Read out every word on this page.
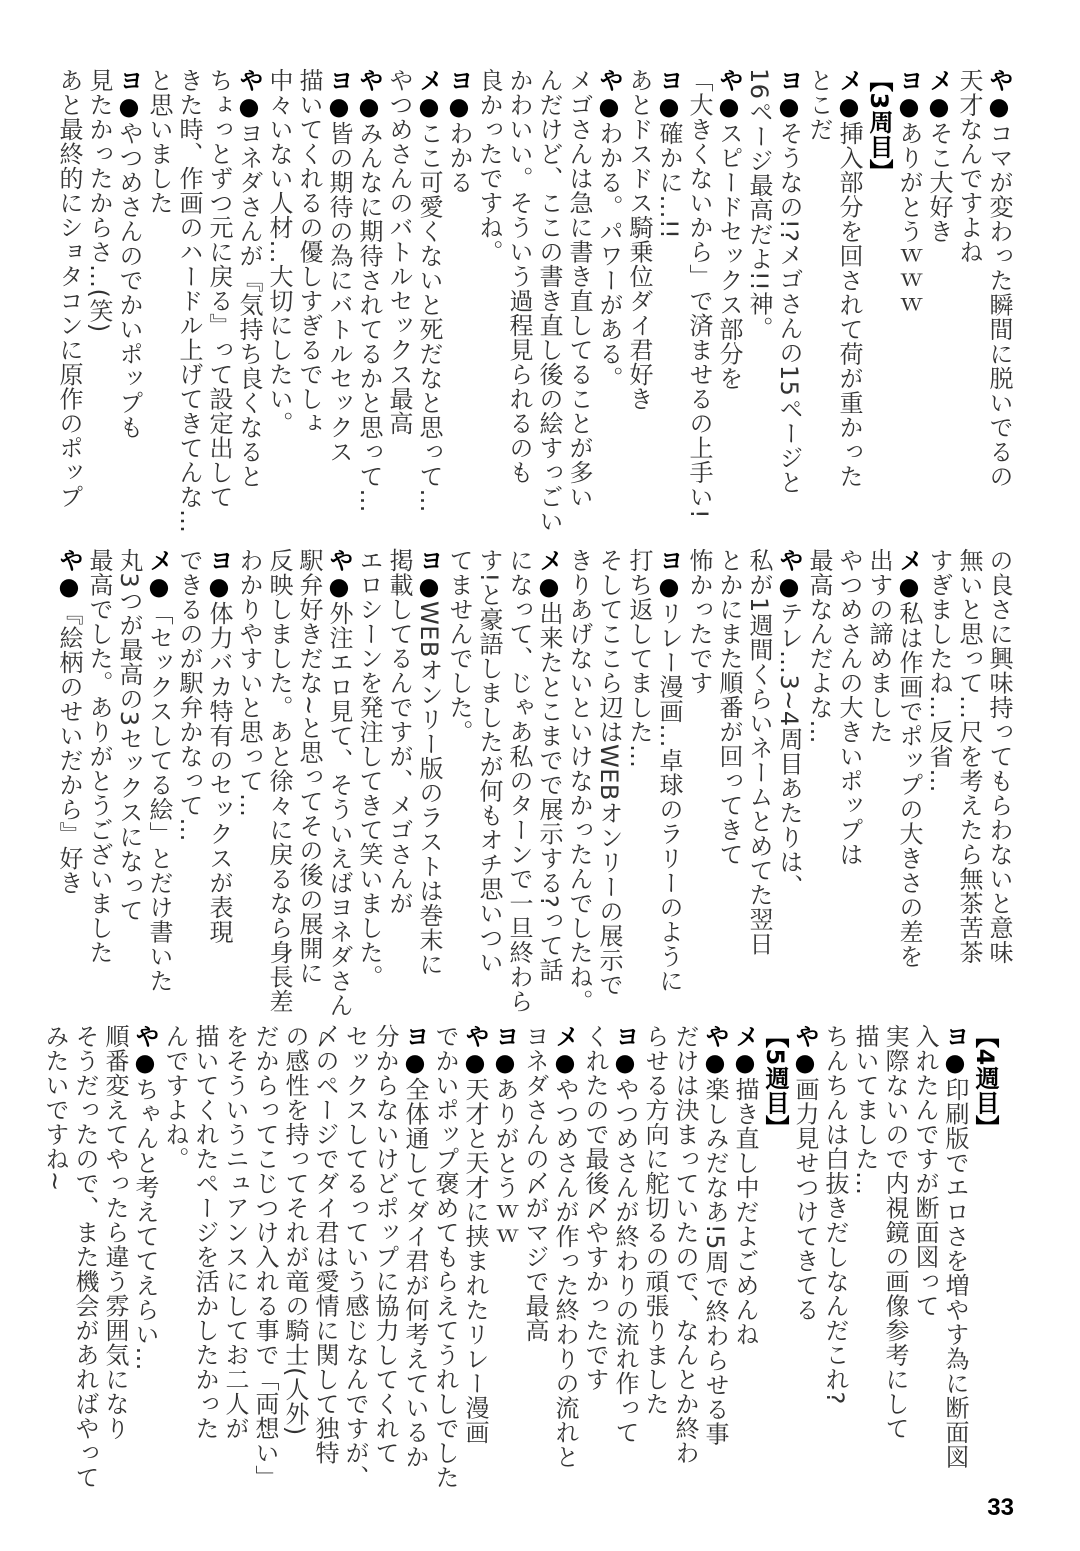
や●コマが変わった瞬間に脱いでるの
天才なんですよね
メ●そこ大好き
ヨ●ありがとうｗｗｗ
【3周目】
メ●挿入部分を回されて荷が重かった
とこだ
ヨ●そうなの!?メゴさんの15ページと
16ページ最高だよ!!神。
や●スピードセックス部分を
「大きくないから」で済ませるの上手い!
ヨ●確かに…!!
あとドスドス騎乗位ダイ君好き
や●わかる。パワーがある。
メゴさんは急に書き直してることが多い
んだけど、ここの書き直し後の絵すっごい
かわいい。そういう過程見られるのも
良かったですね。
ヨ●わかる
メ●ここ可愛くないと死だなと思って…
やつめさんのバトルセックス最高
や●みんなに期待されてるかと思って…
ヨ●皆の期待の為にバトルセックス
描いてくれるの優しすぎるでしょ
中々いない人材…大切にしたい。
や●ヨネダさんが『気持ち良くなると
ちょっとずつ元に戻る』って設定出して
きた時、作画のハードル上げてきてんな…
と思いました
ヨ●やつめさんのでかいポップも
見たかったからさ…(笑)
あと最終的にショタコンに原作のポップ
の良さに興味持ってもらわないと意味
無いと思って…尺を考えたら無茶苦茶
すぎましたね…反省…
メ●私は作画でポップの大きさの差を
出すの諦めました
やつめさんの大きいポップは
最高なんだよな…
や●テレ…3~4周目あたりは、
私が1週間くらいネームとめてた翌日
とかにまた順番が回ってきて
怖かったです
ヨ●リレー漫画…卓球のラリーのように
打ち返してました…
そしてここら辺はWEBオンリーの展示で
きりあげないといけなかったんでしたね。
メ●出来たとこまでで展示する?って話
になって、じゃあ私のターンで一旦終わら
す!と豪語しましたが何もオチ思いつい
てませんでした。
ヨ●WEBオンリー版のラストは巻末に
掲載してるんですが、メゴさんが
エロシーンを発注してきて笑いました。
や●外注エロ見て、そういえばヨネダさん
駅弁好きだな~と思ってその後の展開に
反映しました。あと徐々に戻るなら身長差
わかりやすいと思って…
ヨ●体力バカ特有のセックスが表現
できるのが駅弁かなって…
メ●「セックスしてる絵」とだけ書いた
丸3つが最高の3セックスになって
最高でした。ありがとうございました
や●『絵柄のせいだから』好き
【4週目】
ヨ●印刷版でエロさを増やす為に断面図
入れたんですが断面図って
実際ないので内視鏡の画像参考にして
描いてました…
ちんちんは白抜きだしなんだこれ?
や●画力見せつけてきてる
【5週目】
メ●描き直し中だよごめんね
や●楽しみだなあ!5周で終わらせる事
だけは決まっていたので、なんとか終わ
らせる方向に舵切るの頑張りました
ヨ●やつめさんが終わりの流れ作って
くれたので最後〆やすかったです
メ●やつめさんが作った終わりの流れと
ヨネダさんの〆がマジで最高
ヨ●ありがとうｗｗ
や●天才と天才に挟まれたリレー漫画
でかいポップ褒めてもらえてうれしでした
ヨ●全体通してダイ君が何考えているか
分からないけどポップに協力してくれて
セックスしてるっていう感じなんですが、
〆のページでダイ君は愛情に関して独特
の感性を持ってそれが竜の騎士(人外)
だからってこじつけ入れる事で「両想い」
をそういうニュアンスにしてお二人が
描いてくれたページを活かしたかった
んですよね。
や●ちゃんと考えててえらい…
順番変えてやったら違う雰囲気になり
そうだったので、また機会があればやって
みたいですね~
33
